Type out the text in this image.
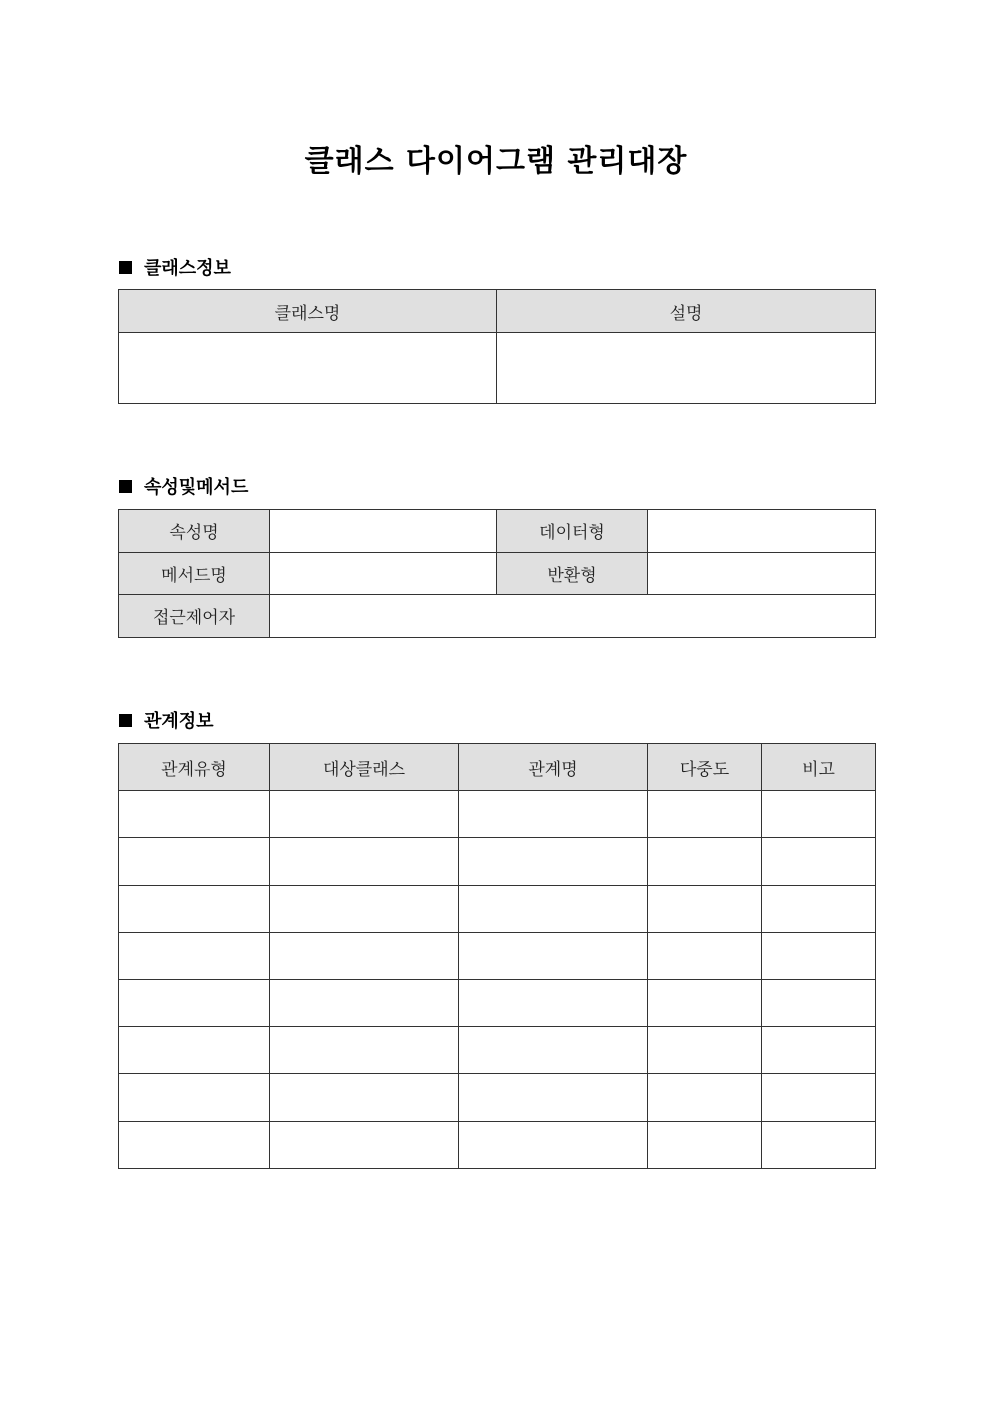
클래스 다이어그램 관리대장
클래스정보
클래스명	설명

속성및메서드
속성명		데이터형	
메서드명		반환형	
접근제어자			
관계정보
관계유형	대상클래스	관계명	다중도	비고
